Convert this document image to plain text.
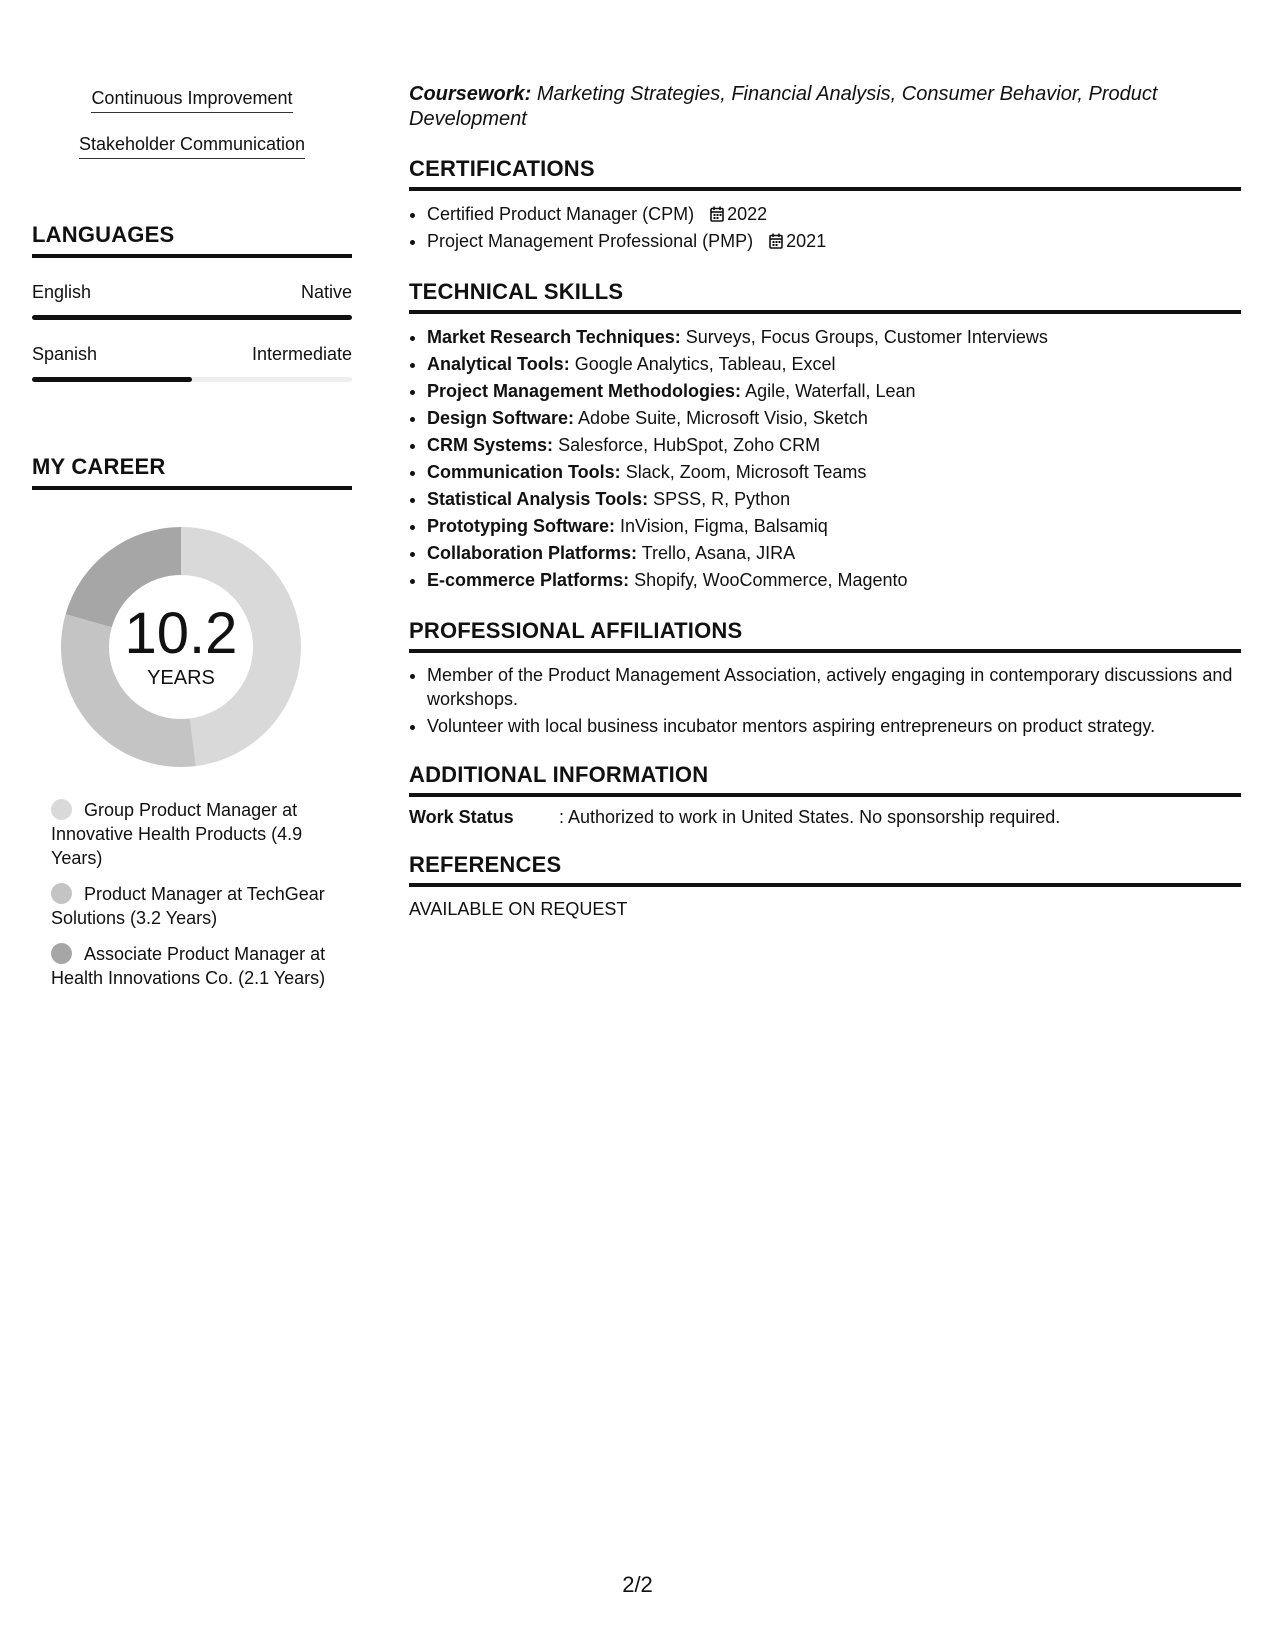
Continuous Improvement
Stakeholder Communication
LANGUAGES
English	Native
Spanish	Intermediate
MY CAREER
10.2
YEARS
Group Product Manager at Innovative Health Products (4.9 Years)
Product Manager at TechGear Solutions (3.2 Years)
Associate Product Manager at Health Innovations Co. (2.1 Years)
Coursework: Marketing Strategies, Financial Analysis, Consumer Behavior, Product Development
CERTIFICATIONS
• Certified Product Manager (CPM) 2022
• Project Management Professional (PMP) 2021
TECHNICAL SKILLS
• Market Research Techniques: Surveys, Focus Groups, Customer Interviews
• Analytical Tools: Google Analytics, Tableau, Excel
• Project Management Methodologies: Agile, Waterfall, Lean
• Design Software: Adobe Suite, Microsoft Visio, Sketch
• CRM Systems: Salesforce, HubSpot, Zoho CRM
• Communication Tools: Slack, Zoom, Microsoft Teams
• Statistical Analysis Tools: SPSS, R, Python
• Prototyping Software: InVision, Figma, Balsamiq
• Collaboration Platforms: Trello, Asana, JIRA
• E-commerce Platforms: Shopify, WooCommerce, Magento
PROFESSIONAL AFFILIATIONS
• Member of the Product Management Association, actively engaging in contemporary discussions and workshops.
• Volunteer with local business incubator mentors aspiring entrepreneurs on product strategy.
ADDITIONAL INFORMATION
Work Status	: Authorized to work in United States. No sponsorship required.
REFERENCES
AVAILABLE ON REQUEST
2/2
